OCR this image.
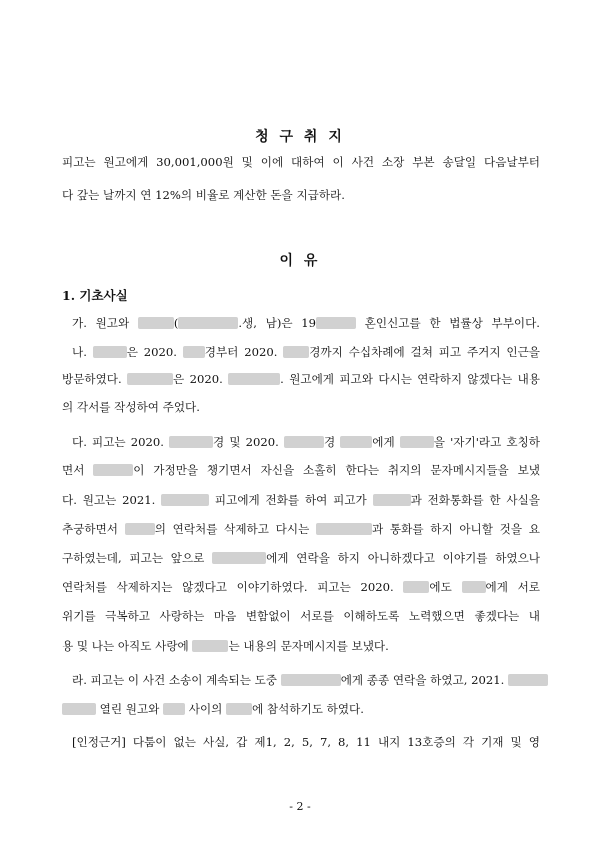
청 구 취 지
피고는 원고에게 30,001,000원 및 이에 대하여 이 사건 소장 부본 송달일 다음날부터
다 갚는 날까지 연 12%의 비율로 계산한 돈을 지급하라.
이 유
1. 기초사실
가. 원고와	(	.생, 남)은 19	혼인신고를 한 법률상 부부이다.
나.	은 2020. 경부터 2020. 경까지 수십차례에 걸쳐 피고 주거지 인근을
방문하였다.	은 2020.	. 원고에게 피고와 다시는 연락하지 않겠다는 내용
의 각서를 작성하여 주었다.
다. 피고는 2020.	경 및 2020.	경	에게	을 '자기'라고 호칭하
면서	이 가정만을 챙기면서 자신을 소홀히 한다는 취지의 문자메시지들을 보냈
다. 원고는 2021.	피고에게 전화를 하여 피고가	과 전화통화를 한 사실을
추궁하면서	의 연락처를 삭제하고 다시는	과 통화를 하지 아니할 것을 요
구하였는데, 피고는 앞으로	에게 연락을 하지 아니하겠다고 이야기를 하였으나
연락처를 삭제하지는 않겠다고 이야기하였다. 피고는 2020. 에도 에게 서로
위기를 극복하고 사랑하는 마음 변함없이 서로를 이해하도록 노력했으면 좋겠다는 내
용 및 나는 아직도 사랑에	는 내용의 문자메시지를 보냈다.
라. 피고는 이 사건 소송이 계속되는 도중	에게 종종 연락을 하였고, 2021.
열린 원고와  사이의 에 참석하기도 하였다.
[인정근거] 다툼이 없는 사실, 갑 제1, 2, 5, 7, 8, 11 내지 13호증의 각 기재 및 영
- 2 -
